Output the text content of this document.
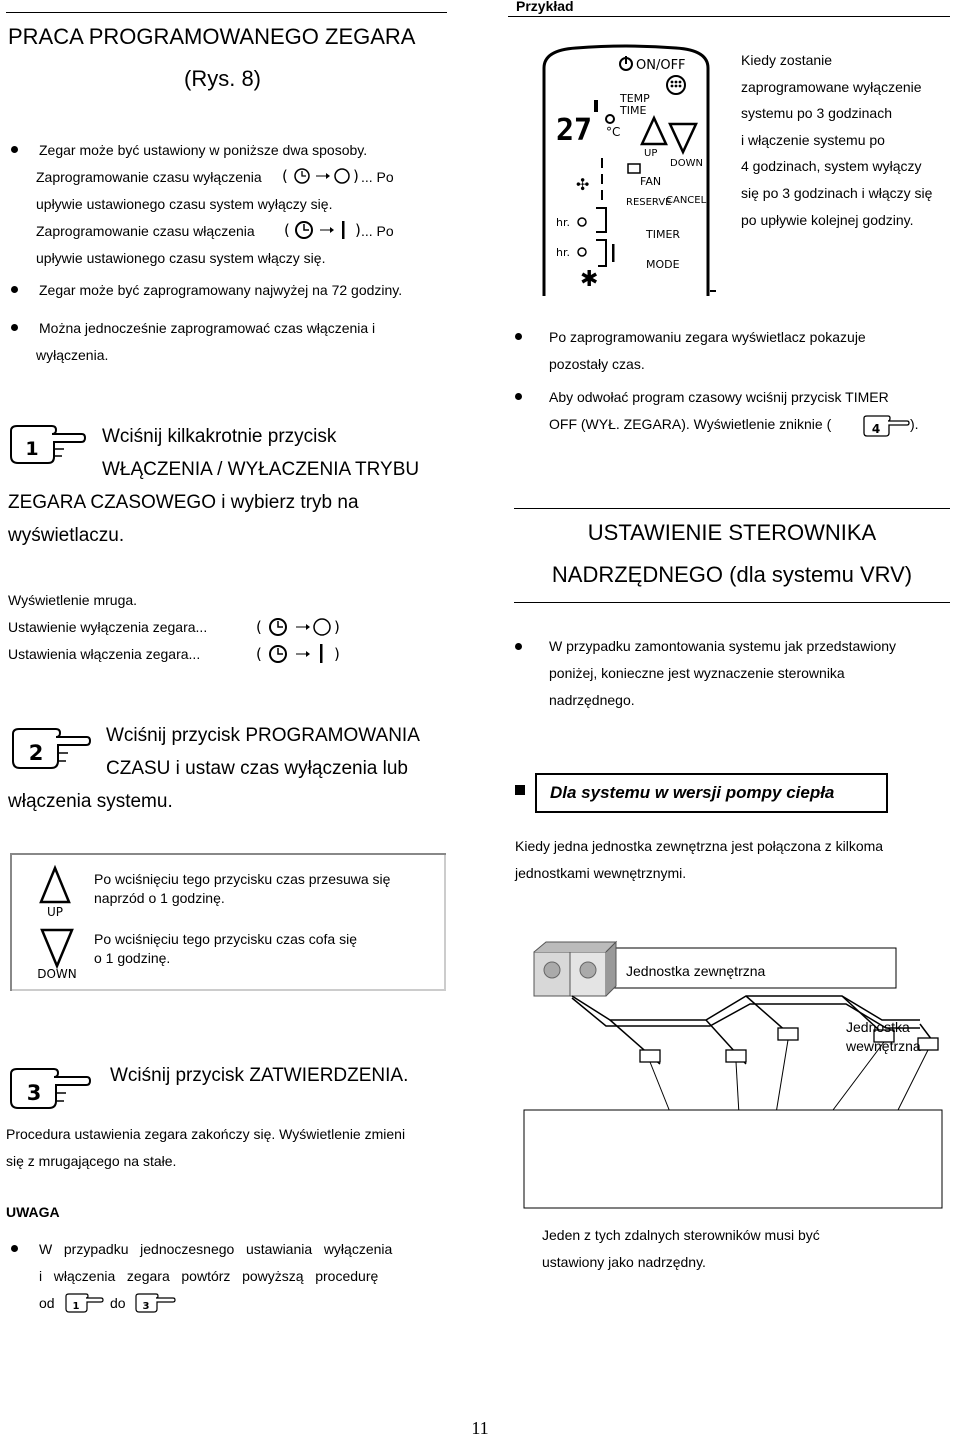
PRACA PROGRAMOWANEGO ZEGARA
(Rys. 8)
Zegar może być ustawiony w poniższe dwa sposoby.
Zaprogramowanie czasu wyłączenia (	) ... Po
upływie ustawionego czasu system wyłączy się.
Zaprogramowanie czasu włączenia (	) ... Po
upływie ustawionego czasu system włączy się.
Zegar może być zaprogramowany najwyżej na 72 godziny.
Można jednocześnie zaprogramować czas włączenia i
wyłączenia.
1
Wciśnij kilkakrotnie przycisk
WŁĄCZENIA / WYŁACZENIA TRYBU
ZEGARA CZASOWEGO i wybierz tryb na
wyświetlaczu.
Wyświetlenie mruga.
Ustawienie wyłączenia zegara...	(	)
Ustawienia włączenia zegara...	(	)
2
Wciśnij przycisk PROGRAMOWANIA
CZASU i ustaw czas wyłączenia lub
włączenia systemu.
UP
Po wciśnięciu tego przycisku czas przesuwa się
naprzód o 1 godzinę.
DOWN
Po wciśnięciu tego przycisku czas cofa się
o 1 godzinę.
3
Wciśnij przycisk ZATWIERDZENIA.
Procedura ustawienia zegara zakończy się. Wyświetlenie zmieni
się z mrugającego na stałe.
UWAGA
W   przypadku   jednoczesnego   ustawiania   wyłączenia
i   włączenia   zegara   powtórz   powyższą   procedurę
od 1 do 3
Przykład
ON/OFF
27 °C
TEMP
TIME
UP
DOWN
✣	FAN
RESERVE
CANCEL
TIMER
MODE
hr.
hr.
✱
Kiedy zostanie
zaprogramowane wyłączenie
systemu po 3 godzinach
i włączenie systemu po
4 godzinach, system wyłączy
się po 3 godzinach i włączy się
po upływie kolejnej godziny.
Po zaprogramowaniu zegara wyświetlacz pokazuje
pozostały czas.
Aby odwołać program czasowy wciśnij przycisk TIMER
OFF (WYŁ. ZEGARA). Wyświetlenie zniknie (	4 ).
USTAWIENIE STEROWNIKA
NADRZĘDNEGO (dla systemu VRV)
W przypadku zamontowania systemu jak przedstawiony
poniżej, konieczne jest wyznaczenie sterownika
nadrzędnego.
Dla systemu w wersji pompy ciepła
Kiedy jedna jednostka zewnętrzna jest połączona z kilkoma
jednostkami wewnętrznymi.
Jednostka zewnętrzna
Jednostka
wewnętrzna
Jeden z tych zdalnych sterowników musi być
ustawiony jako nadrzędny.
11
